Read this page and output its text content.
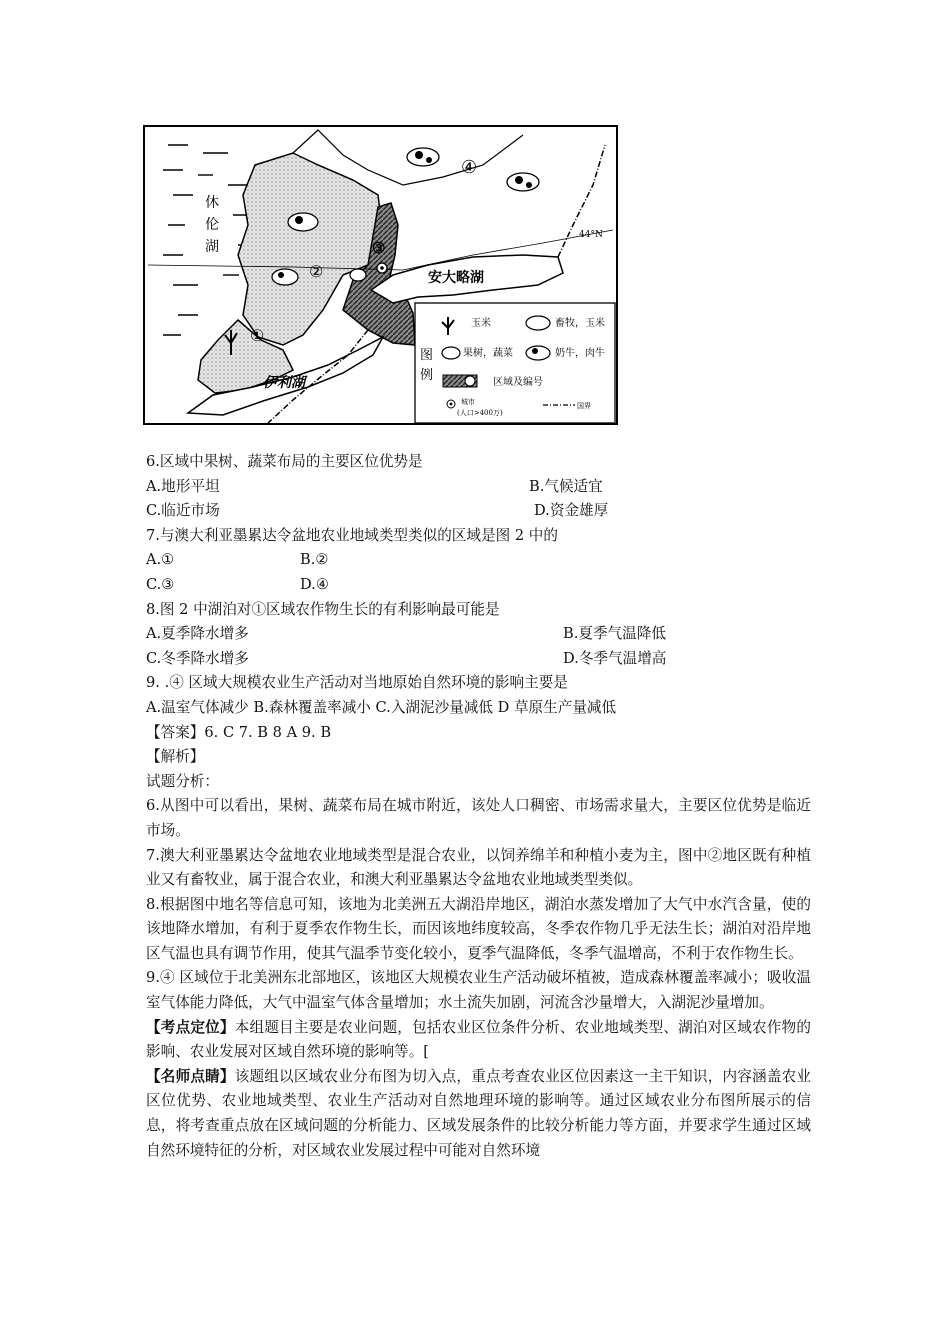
①
②
③
④
休
伦
湖
安大略湖
伊利湖
44°N
图
例
玉米	畜牧，玉米
果树，蔬菜	奶牛，肉牛
区域及编号
城市
(人口>400万)
国界
6.区域中果树、蔬菜布局的主要区位优势是
A.地形平坦	B.气候适宜
C.临近市场	D.资金雄厚
7.与澳大利亚墨累达令盆地农业地域类型类似的区域是图 2 中的
A.①	B.②
C.③	D.④
8.图 2 中湖泊对①区域农作物生长的有利影响最可能是
A.夏季降水增多	B.夏季气温降低
C.冬季降水增多	D.冬季气温增高
9. .④ 区域大规模农业生产活动对当地原始自然环境的影响主要是
A.温室气体减少 B.森林覆盖率减小 C.入湖泥沙量减低 D 草原生产量减低

【答案】6. C 7. B 8 A 9. B

【解析】

试题分析：

6.从图中可以看出，果树、蔬菜布局在城市附近，该处人口稠密、市场需求量大，主要区位优势是临近市场。

7.澳大利亚墨累达令盆地农业地域类型是混合农业，以饲养绵羊和种植小麦为主，图中②地区既有种植业又有畜牧业，属于混合农业，和澳大利亚墨累达令盆地农业地域类型类似。

8.根据图中地名等信息可知，该地为北美洲五大湖沿岸地区，湖泊水蒸发增加了大气中水汽含量，使的该地降水增加，有利于夏季农作物生长，而因该地纬度较高，冬季农作物几乎无法生长；湖泊对沿岸地区气温也具有调节作用，使其气温季节变化较小，夏季气温降低，冬季气温增高，不利于农作物生长。

9.④ 区域位于北美洲东北部地区，该地区大规模农业生产活动破坏植被，造成森林覆盖率减小；吸收温室气体能力降低，大气中温室气体含量增加；水土流失加剧，河流含沙量增大，入湖泥沙量增加。

【考点定位】本组题目主要是农业问题，包括农业区位条件分析、农业地域类型、湖泊对区域农作物的影响、农业发展对区域自然环境的影响等。[

【名师点睛】该题组以区域农业分布图为切入点，重点考查农业区位因素这一主干知识，内容涵盖农业区位优势、农业地域类型、农业生产活动对自然地理环境的影响等。通过区域农业分布图所展示的信息，将考查重点放在区域问题的分析能力、区域发展条件的比较分析能力等方面，并要求学生通过区域自然环境特征的分析，对区域农业发展过程中可能对自然环境
